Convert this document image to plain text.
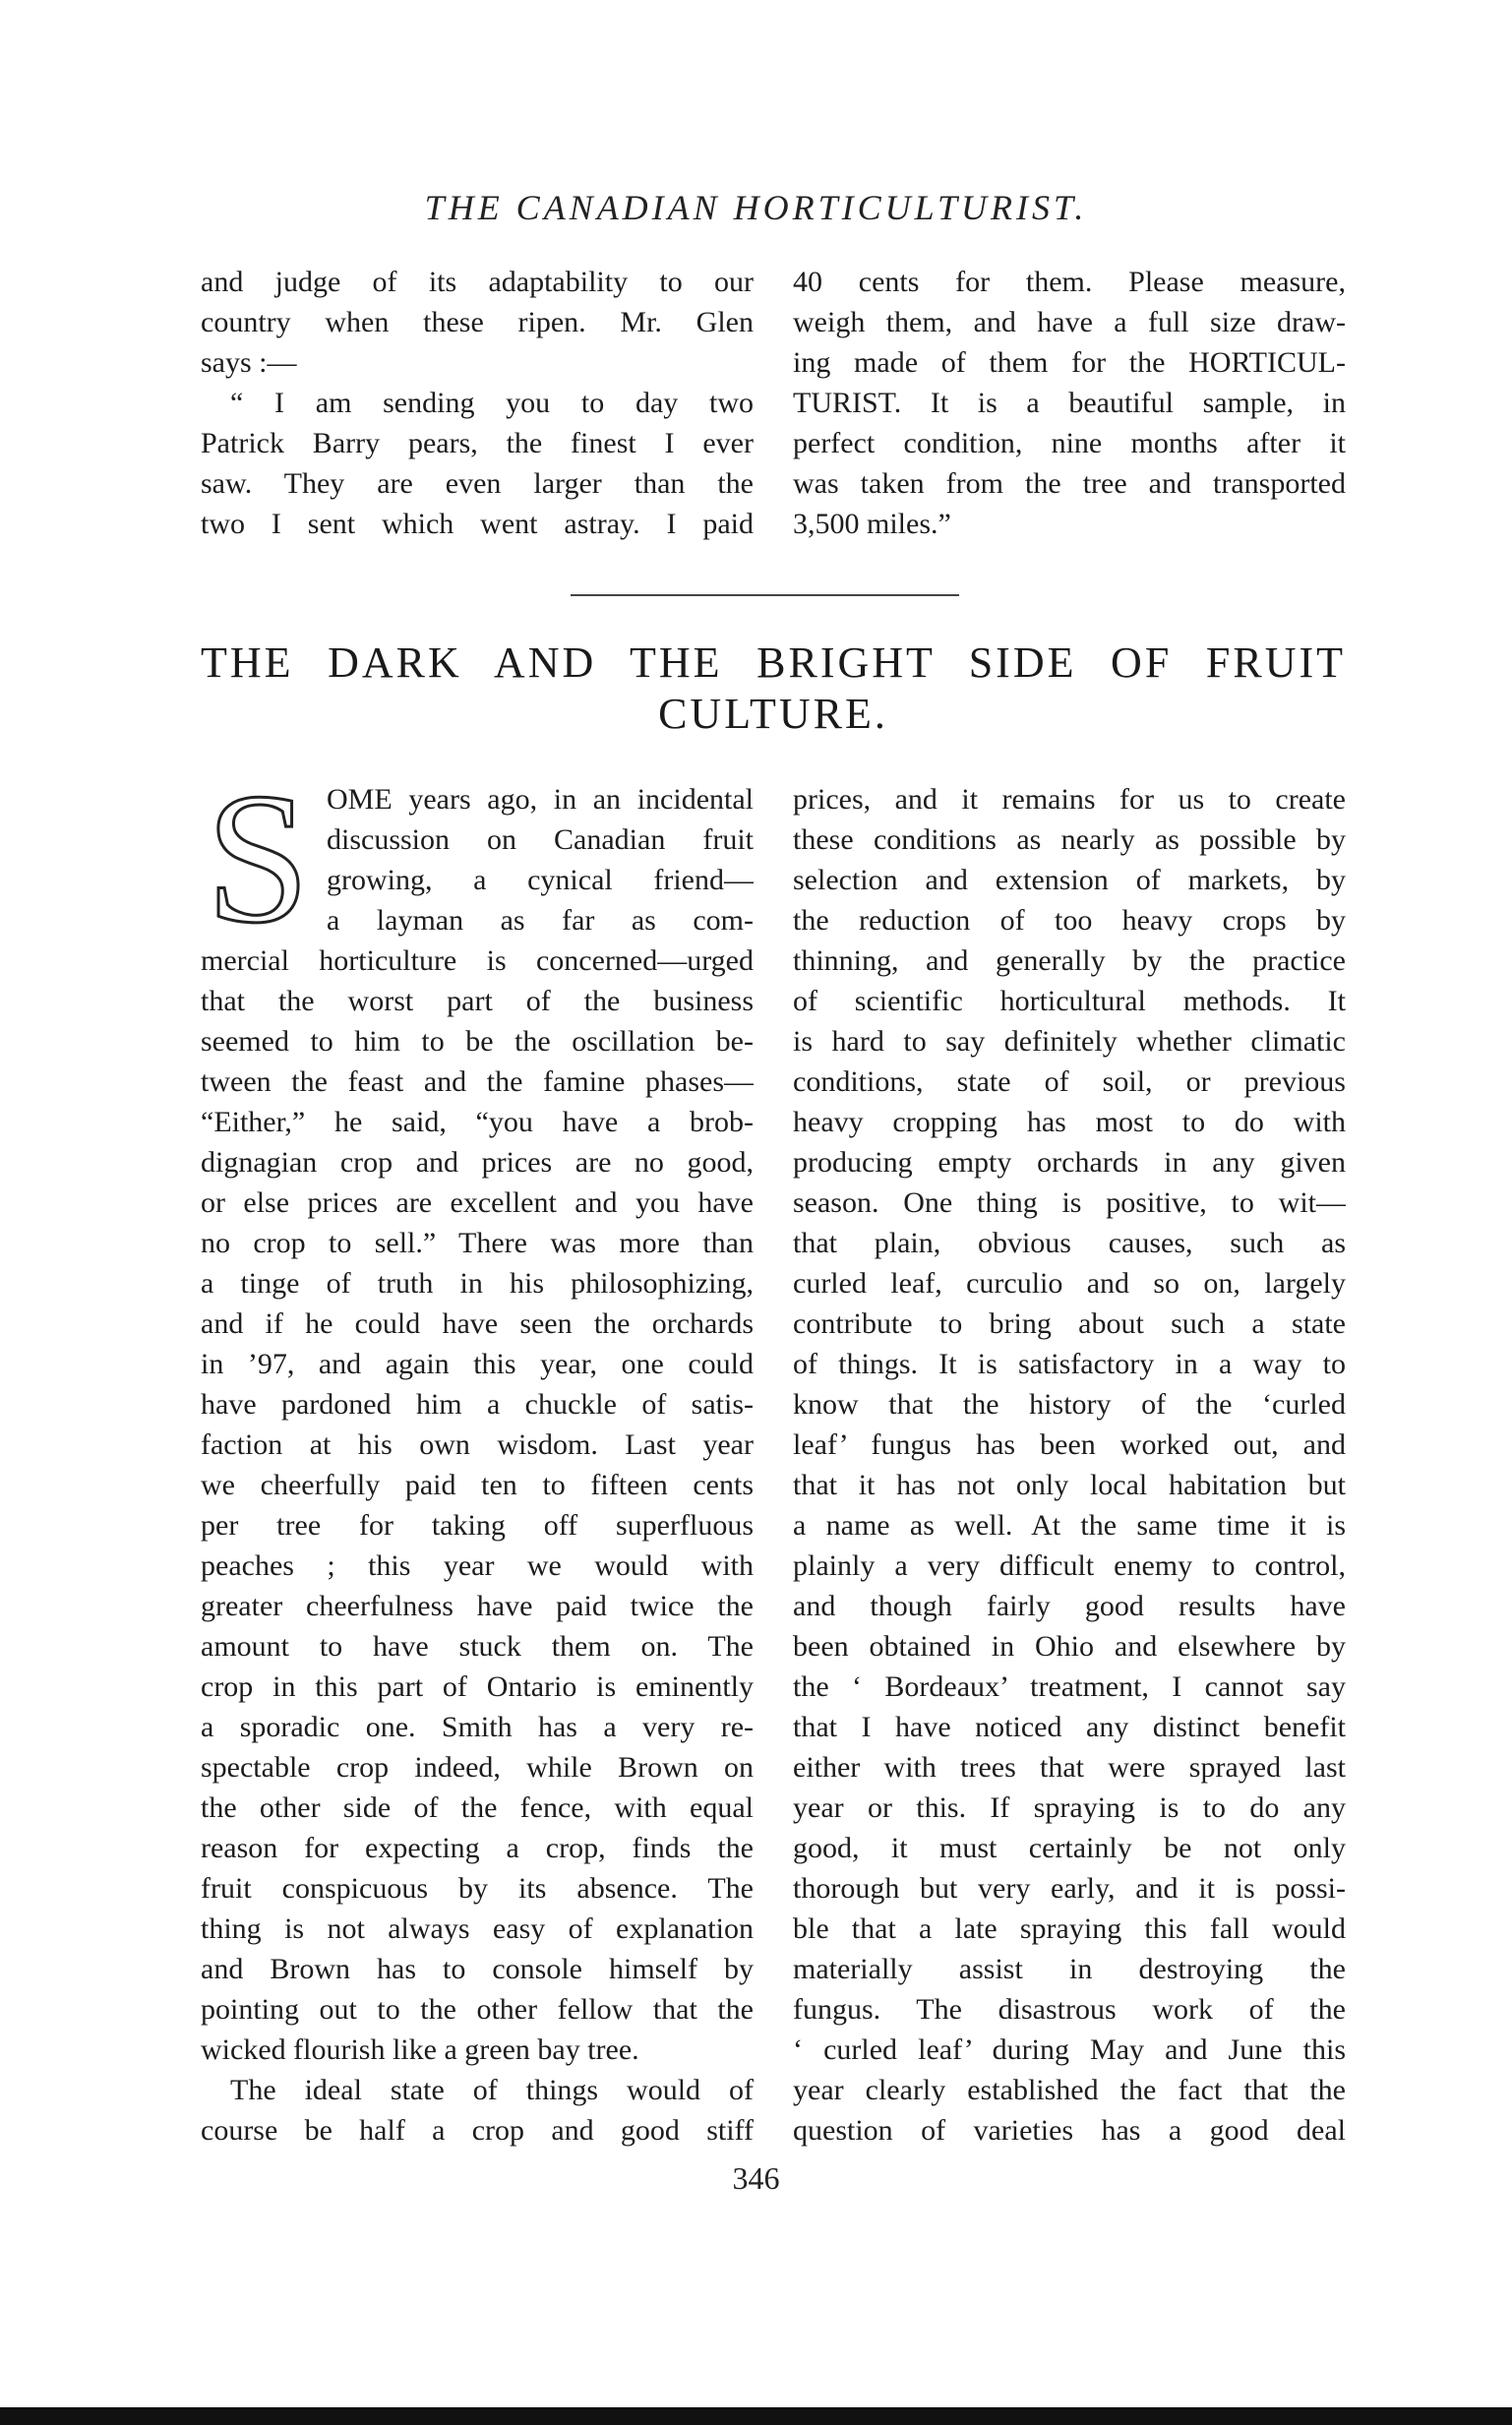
THE CANADIAN HORTICULTURIST.
and judge of its adaptability to our
country when these ripen. Mr. Glen
says :—
“ I am sending you to day two
Patrick Barry pears, the finest I ever
saw. They are even larger than the
two I sent which went astray. I paid
40 cents for them. Please measure,
weigh them, and have a full size draw-
ing made of them for the HORTICUL-
TURIST. It is a beautiful sample, in
perfect condition, nine months after it
was taken from the tree and transported
3,500 miles.”
THE DARK AND THE BRIGHT SIDE OF FRUIT
CULTURE.
S OME years ago, in an incidental
discussion on Canadian fruit
growing, a cynical friend—
a layman as far as com-
mercial horticulture is concerned—urged
that the worst part of the business
seemed to him to be the oscillation be-
tween the feast and the famine phases—
“Either,” he said, “you have a brob-
dignagian crop and prices are no good,
or else prices are excellent and you have
no crop to sell.” There was more than
a tinge of truth in his philosophizing,
and if he could have seen the orchards
in ’97, and again this year, one could
have pardoned him a chuckle of satis-
faction at his own wisdom. Last year
we cheerfully paid ten to fifteen cents
per tree for taking off superfluous
peaches ; this year we would with
greater cheerfulness have paid twice the
amount to have stuck them on. The
crop in this part of Ontario is eminently
a sporadic one. Smith has a very re-
spectable crop indeed, while Brown on
the other side of the fence, with equal
reason for expecting a crop, finds the
fruit conspicuous by its absence. The
thing is not always easy of explanation
and Brown has to console himself by
pointing out to the other fellow that the
wicked flourish like a green bay tree.
The ideal state of things would of
course be half a crop and good stiff
prices, and it remains for us to create
these conditions as nearly as possible by
selection and extension of markets, by
the reduction of too heavy crops by
thinning, and generally by the practice
of scientific horticultural methods. It
is hard to say definitely whether climatic
conditions, state of soil, or previous
heavy cropping has most to do with
producing empty orchards in any given
season. One thing is positive, to wit—
that plain, obvious causes, such as
curled leaf, curculio and so on, largely
contribute to bring about such a state
of things. It is satisfactory in a way to
know that the history of the ‘curled
leaf’ fungus has been worked out, and
that it has not only local habitation but
a name as well. At the same time it is
plainly a very difficult enemy to control,
and though fairly good results have
been obtained in Ohio and elsewhere by
the ‘ Bordeaux’ treatment, I cannot say
that I have noticed any distinct benefit
either with trees that were sprayed last
year or this. If spraying is to do any
good, it must certainly be not only
thorough but very early, and it is possi-
ble that a late spraying this fall would
materially assist in destroying the
fungus. The disastrous work of the
‘ curled leaf’ during May and June this
year clearly established the fact that the
question of varieties has a good deal
346
